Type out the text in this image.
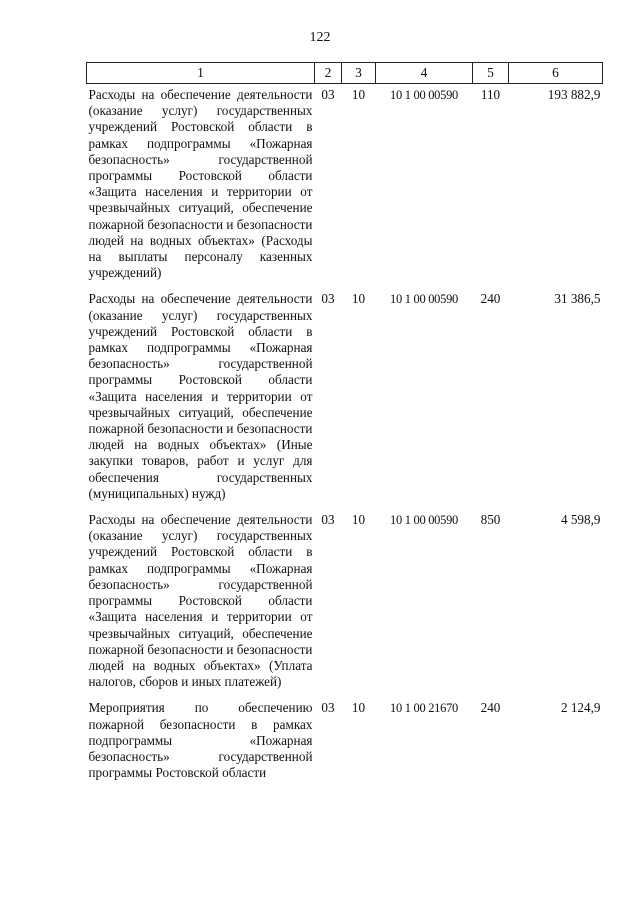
122
1	2	3	4	5	6
Расходы на обеспечение деятельности (оказание услуг) государственных учреждений Ростовской области в рамках подпрограммы «Пожарная безопасность» государственной программы Ростовской области «Защита населения и территории от чрезвычайных ситуаций, обеспечение пожарной безопасности и безопасности людей на водных объектах» (Расходы на выплаты персоналу казенных учреждений)	03	10	10 1 00 00590	110	193 882,9
Расходы на обеспечение деятельности (оказание услуг) государственных учреждений Ростовской области в рамках подпрограммы «Пожарная безопасность» государственной программы Ростовской области «Защита населения и территории от чрезвычайных ситуаций, обеспечение пожарной безопасности и безопасности людей на водных объектах» (Иные закупки товаров, работ и услуг для обеспечения государственных (муниципальных) нужд)	03	10	10 1 00 00590	240	31 386,5
Расходы на обеспечение деятельности (оказание услуг) государственных учреждений Ростовской области в рамках подпрограммы «Пожарная безопасность» государственной программы Ростовской области «Защита населения и территории от чрезвычайных ситуаций, обеспечение пожарной безопасности и безопасности людей на водных объектах» (Уплата налогов, сборов и иных платежей)	03	10	10 1 00 00590	850	4 598,9
Мероприятия по обеспечению пожарной безопасности в рамках подпрограммы «Пожарная безопасность» государственной программы Ростовской области	03	10	10 1 00 21670	240	2 124,9
